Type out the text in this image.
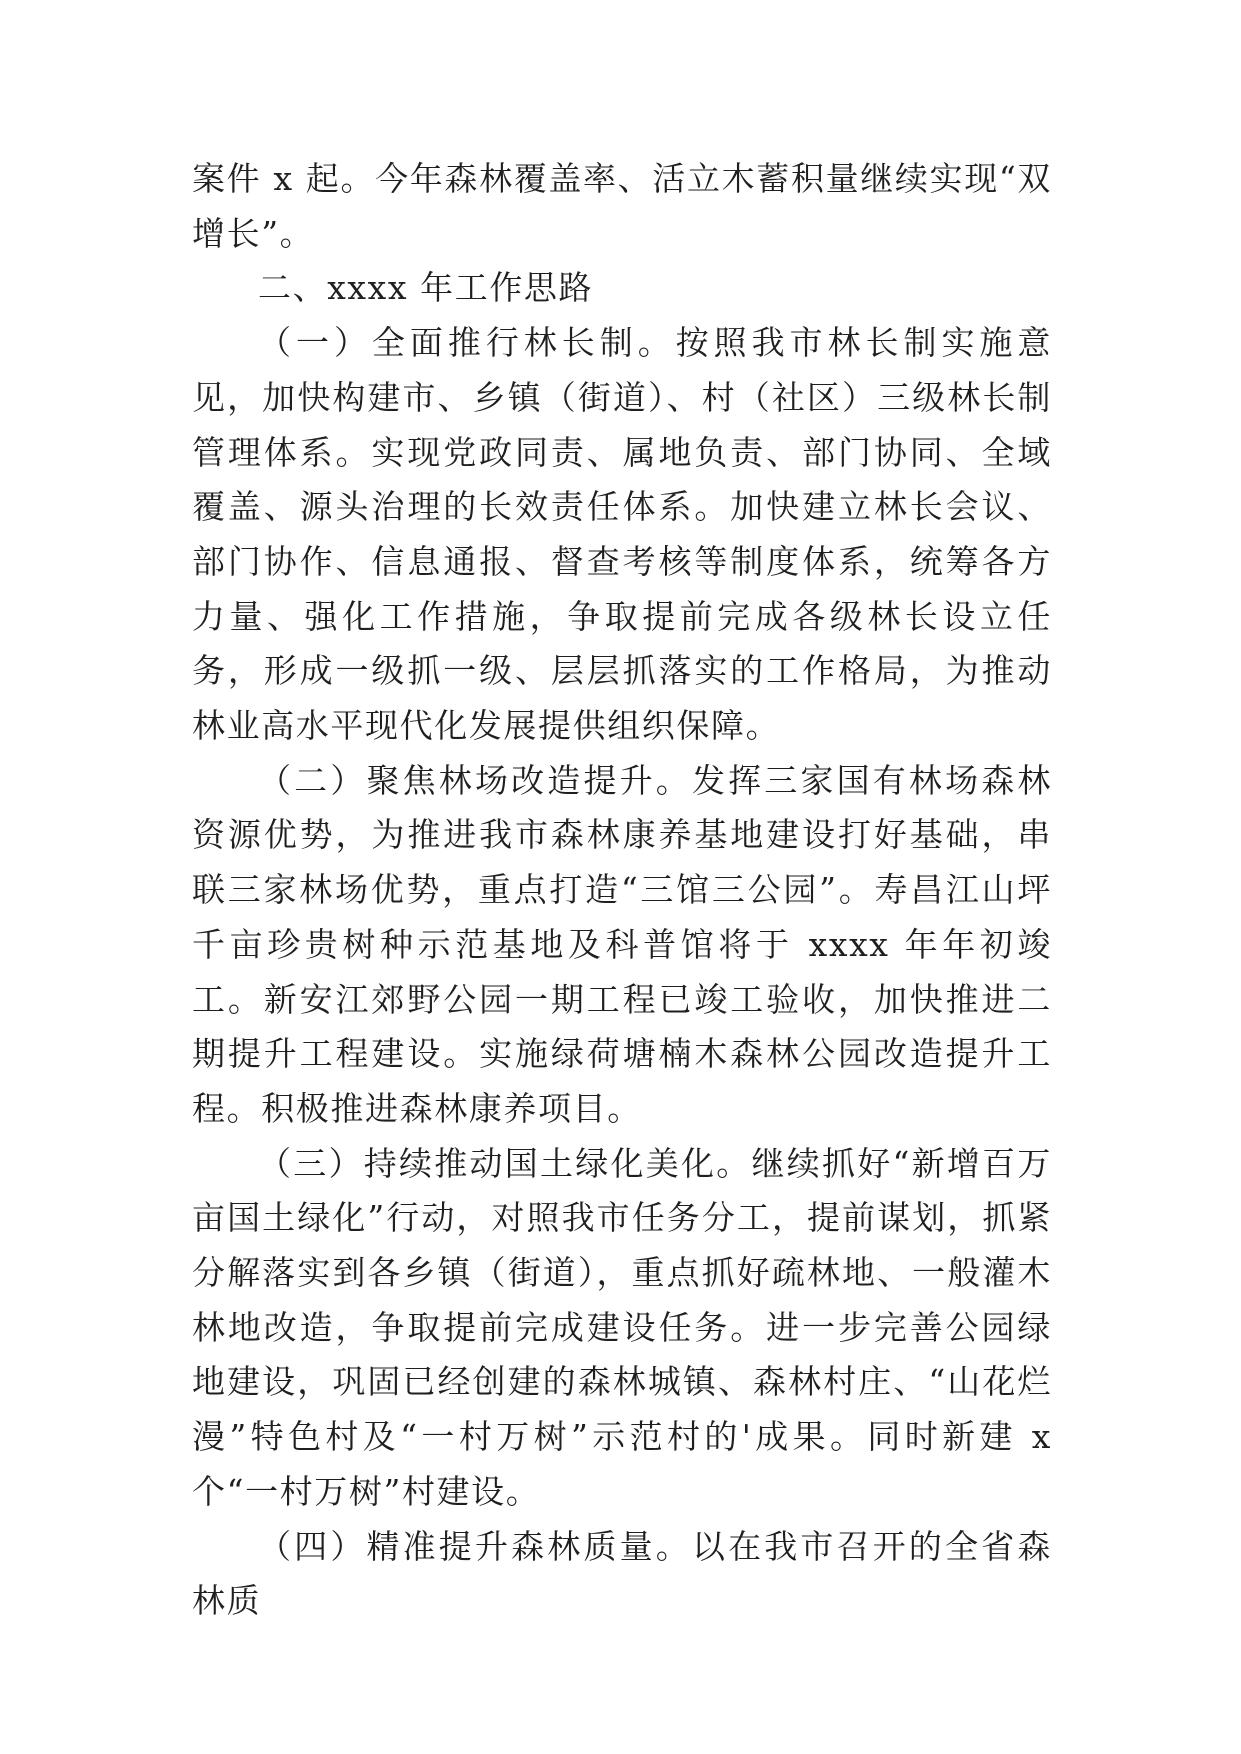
案件 x 起。今年森林覆盖率、活立木蓄积量继续实现“双增长”。

二、xxxx 年工作思路

（一）全面推行林长制。按照我市林长制实施意见，加快构建市、乡镇（街道）、村（社区）三级林长制管理体系。实现党政同责、属地负责、部门协同、全域覆盖、源头治理的长效责任体系。加快建立林长会议、部门协作、信息通报、督查考核等制度体系，统筹各方力量、强化工作措施，争取提前完成各级林长设立任务，形成一级抓一级、层层抓落实的工作格局，为推动林业高水平现代化发展提供组织保障。

（二）聚焦林场改造提升。发挥三家国有林场森林资源优势，为推进我市森林康养基地建设打好基础，串联三家林场优势，重点打造“三馆三公园”。寿昌江山坪千亩珍贵树种示范基地及科普馆将于 xxxx 年年初竣工。新安江郊野公园一期工程已竣工验收，加快推进二期提升工程建设。实施绿荷塘楠木森林公园改造提升工程。积极推进森林康养项目。

（三）持续推动国土绿化美化。继续抓好“新增百万亩国土绿化”行动，对照我市任务分工，提前谋划，抓紧分解落实到各乡镇（街道），重点抓好疏林地、一般灌木林地改造，争取提前完成建设任务。进一步完善公园绿地建设，巩固已经创建的森林城镇、森林村庄、“山花烂漫”特色村及“一村万树”示范村的'成果。同时新建 x 个“一村万树”村建设。

（四）精准提升森林质量。以在我市召开的全省森林质
